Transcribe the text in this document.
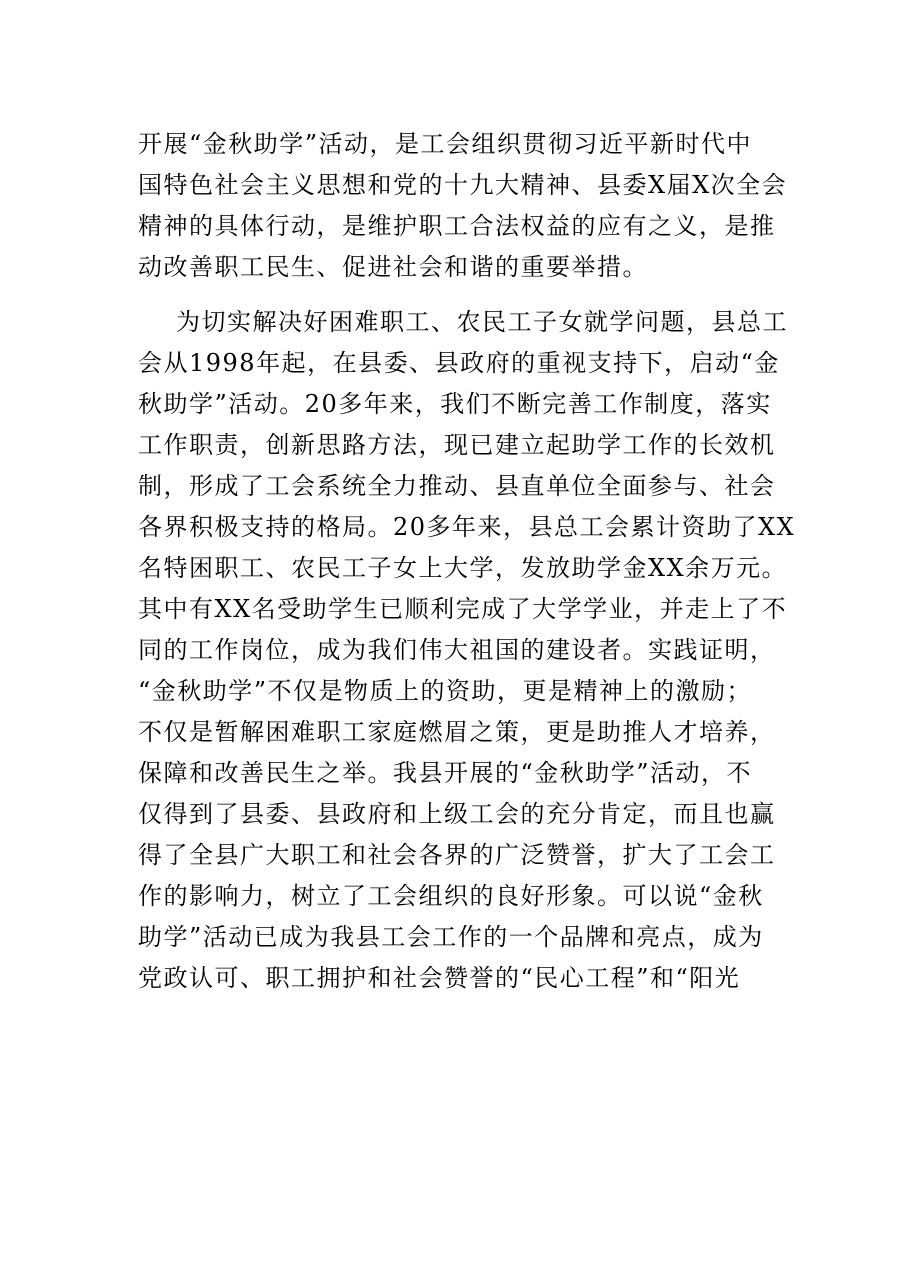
开展“金秋助学”活动，是工会组织贯彻习近平新时代中
国特色社会主义思想和党的十九大精神、县委X届X次全会
精神的具体行动，是维护职工合法权益的应有之义，是推
动改善职工民生、促进社会和谐的重要举措。
为切实解决好困难职工、农民工子女就学问题，县总工
会从1998年起，在县委、县政府的重视支持下，启动“金
秋助学”活动。20多年来，我们不断完善工作制度，落实
工作职责，创新思路方法，现已建立起助学工作的长效机
制，形成了工会系统全力推动、县直单位全面参与、社会
各界积极支持的格局。20多年来，县总工会累计资助了XX
名特困职工、农民工子女上大学，发放助学金XX余万元。
其中有XX名受助学生已顺利完成了大学学业，并走上了不
同的工作岗位，成为我们伟大祖国的建设者。实践证明，
“金秋助学”不仅是物质上的资助，更是精神上的激励；
不仅是暂解困难职工家庭燃眉之策，更是助推人才培养，
保障和改善民生之举。我县开展的“金秋助学”活动，不
仅得到了县委、县政府和上级工会的充分肯定，而且也赢
得了全县广大职工和社会各界的广泛赞誉，扩大了工会工
作的影响力，树立了工会组织的良好形象。可以说“金秋
助学”活动已成为我县工会工作的一个品牌和亮点，成为
党政认可、职工拥护和社会赞誉的“民心工程”和“阳光
